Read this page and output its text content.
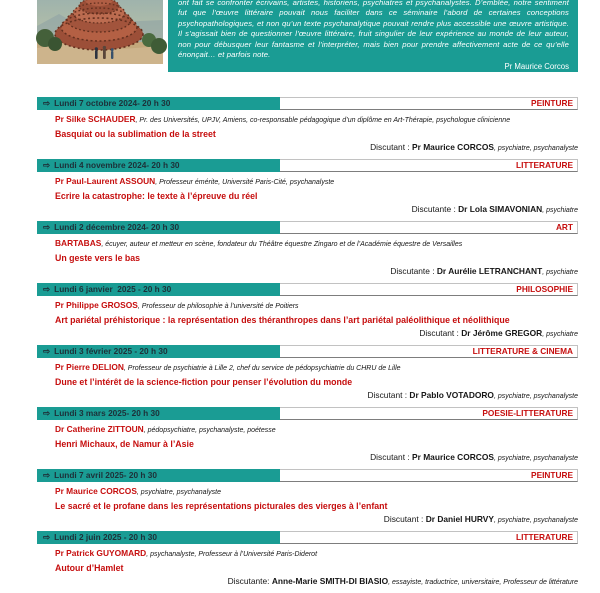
ont fait se confronter écrivains, artistes, historiens, psychiatres et psychanalystes. D’emblée, notre sentiment fut que l’œuvre littéraire pouvait nous faciliter dans ce séminaire l’abord de certaines conceptions psychopathologiques, et non qu’un texte psychanalytique pouvait rendre plus accessible une œuvre artistique. Il s’agissait bien de questionner l’œuvre littéraire, fruit singulier de leur expérience au monde de leur auteur, non pour débusquer leur fantasme et l’interpréter, mais bien pour prendre affectivement acte de ce qu’elle énonçait… et parfois note.

Pr Maurice Corcos

⇨ Lundi 7 octobre 2024- 20 h 30	PEINTURE
Pr Silke SCHAUDER, Pr. des Universités, UPJV, Amiens, co-responsable pédagogique d’un diplôme en Art-Thérapie, psychologue clinicienne
Basquiat ou la sublimation de la street
Discutant : Pr Maurice CORCOS, psychiatre, psychanalyste
⇨ Lundi 4 novembre 2024- 20 h 30	LITTERATURE
Pr Paul-Laurent ASSOUN, Professeur émérite, Université Paris-Cité, psychanalyste
Ecrire la catastrophe: le texte à l’épreuve du réel
Discutante : Dr Lola SIMAVONIAN, psychiatre
⇨ Lundi 2 décembre 2024- 20 h 30	ART
BARTABAS, écuyer, auteur et metteur en scène, fondateur du Théâtre équestre Zingaro et de l’Académie équestre de Versailles
Un geste vers le bas
Discutante : Dr Aurélie LETRANCHANT, psychiatre
⇨ Lundi 6 janvier  2025 - 20 h 30	PHILOSOPHIE
Pr Philippe GROSOS, Professeur de philosophie à l’université de Poitiers
Art pariétal préhistorique : la représentation des théranthropes dans l’art pariétal paléolithique et néolithique
Discutant : Dr Jérôme GREGOR, psychiatre
⇨ Lundi 3 février 2025 - 20 h 30	LITTERATURE & CINEMA
Pr Pierre DELION, Professeur de psychiatrie à Lille 2, chef du service de pédopsychiatrie du CHRU de Lille
Dune et l’intérêt de la science-fiction pour penser l’évolution du monde
Discutant : Dr Pablo VOTADORO, psychiatre, psychanalyste
⇨ Lundi 3 mars 2025- 20 h 30	POESIE-LITTERATURE
Dr Catherine ZITTOUN, pédopsychiatre, psychanalyste, poétesse
Henri Michaux, de Namur à l’Asie
Discutant : Pr Maurice CORCOS, psychiatre, psychanalyste
⇨ Lundi 7 avril 2025- 20 h 30	PEINTURE
Pr Maurice CORCOS, psychiatre, psychanalyste
Le sacré et le profane dans les représentations picturales des vierges à l’enfant
Discutant : Dr Daniel HURVY, psychiatre, psychanalyste
⇨ Lundi 2 juin 2025 - 20 h 30	LITTERATURE
Pr Patrick GUYOMARD, psychanalyste, Professeur à l’Université Paris-Diderot
Autour d’Hamlet
Discutante: Anne-Marie SMITH-DI BIASIO, essayiste, traductrice, universitaire, Professeur de littérature
